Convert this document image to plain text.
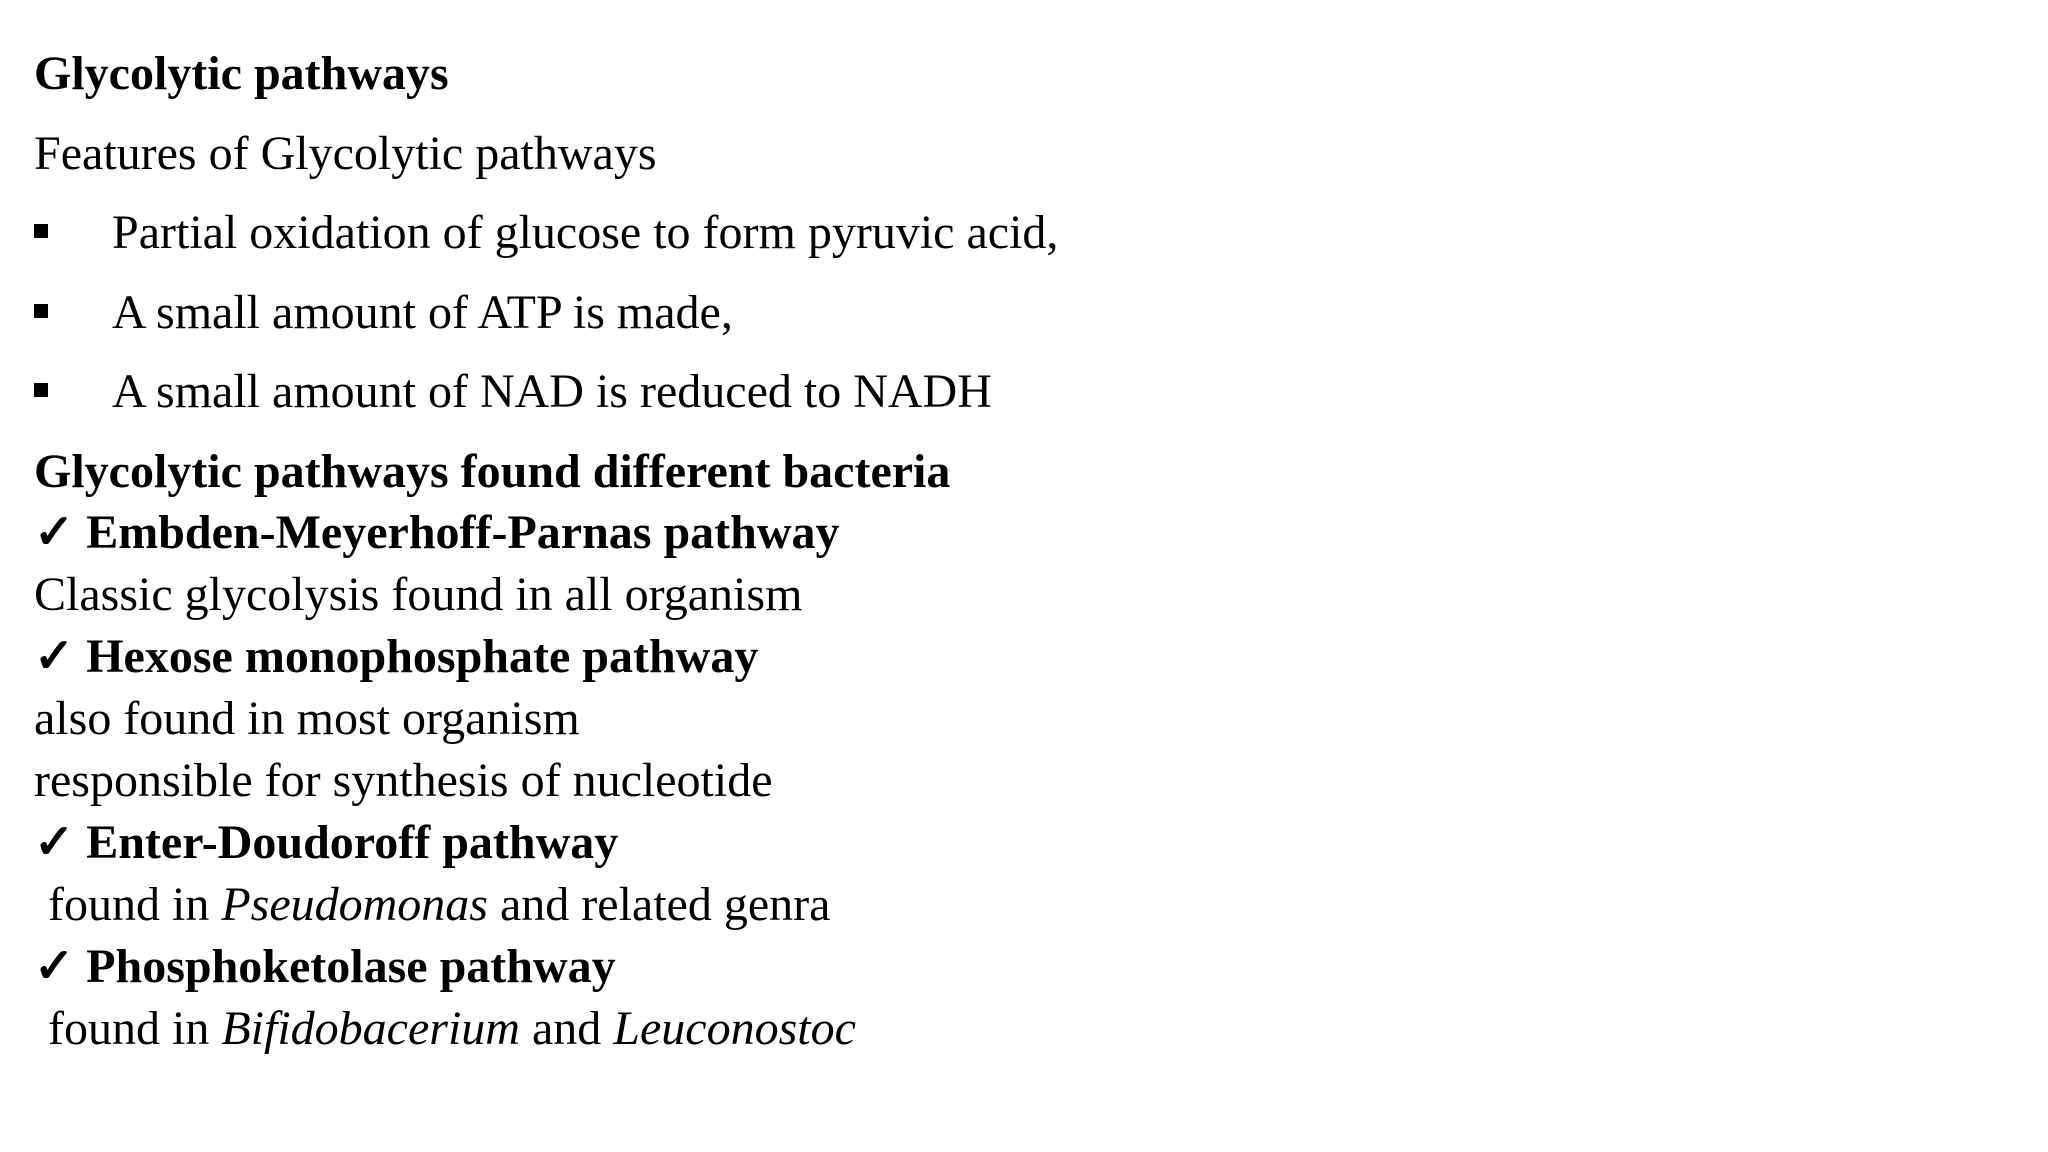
Glycolytic pathways
Features of Glycolytic pathways
Partial oxidation of glucose to form pyruvic acid,
A small amount of ATP is made,
A small amount of NAD is reduced to NADH
Glycolytic pathways found different bacteria
✓ Embden-Meyerhoff-Parnas pathway
Classic glycolysis found in all organism
✓ Hexose monophosphate pathway
also found in most organism
responsible for synthesis of nucleotide
✓ Enter-Doudoroff pathway
found in Pseudomonas and related genra
✓ Phosphoketolase pathway
found in Bifidobacerium and Leuconostoc
